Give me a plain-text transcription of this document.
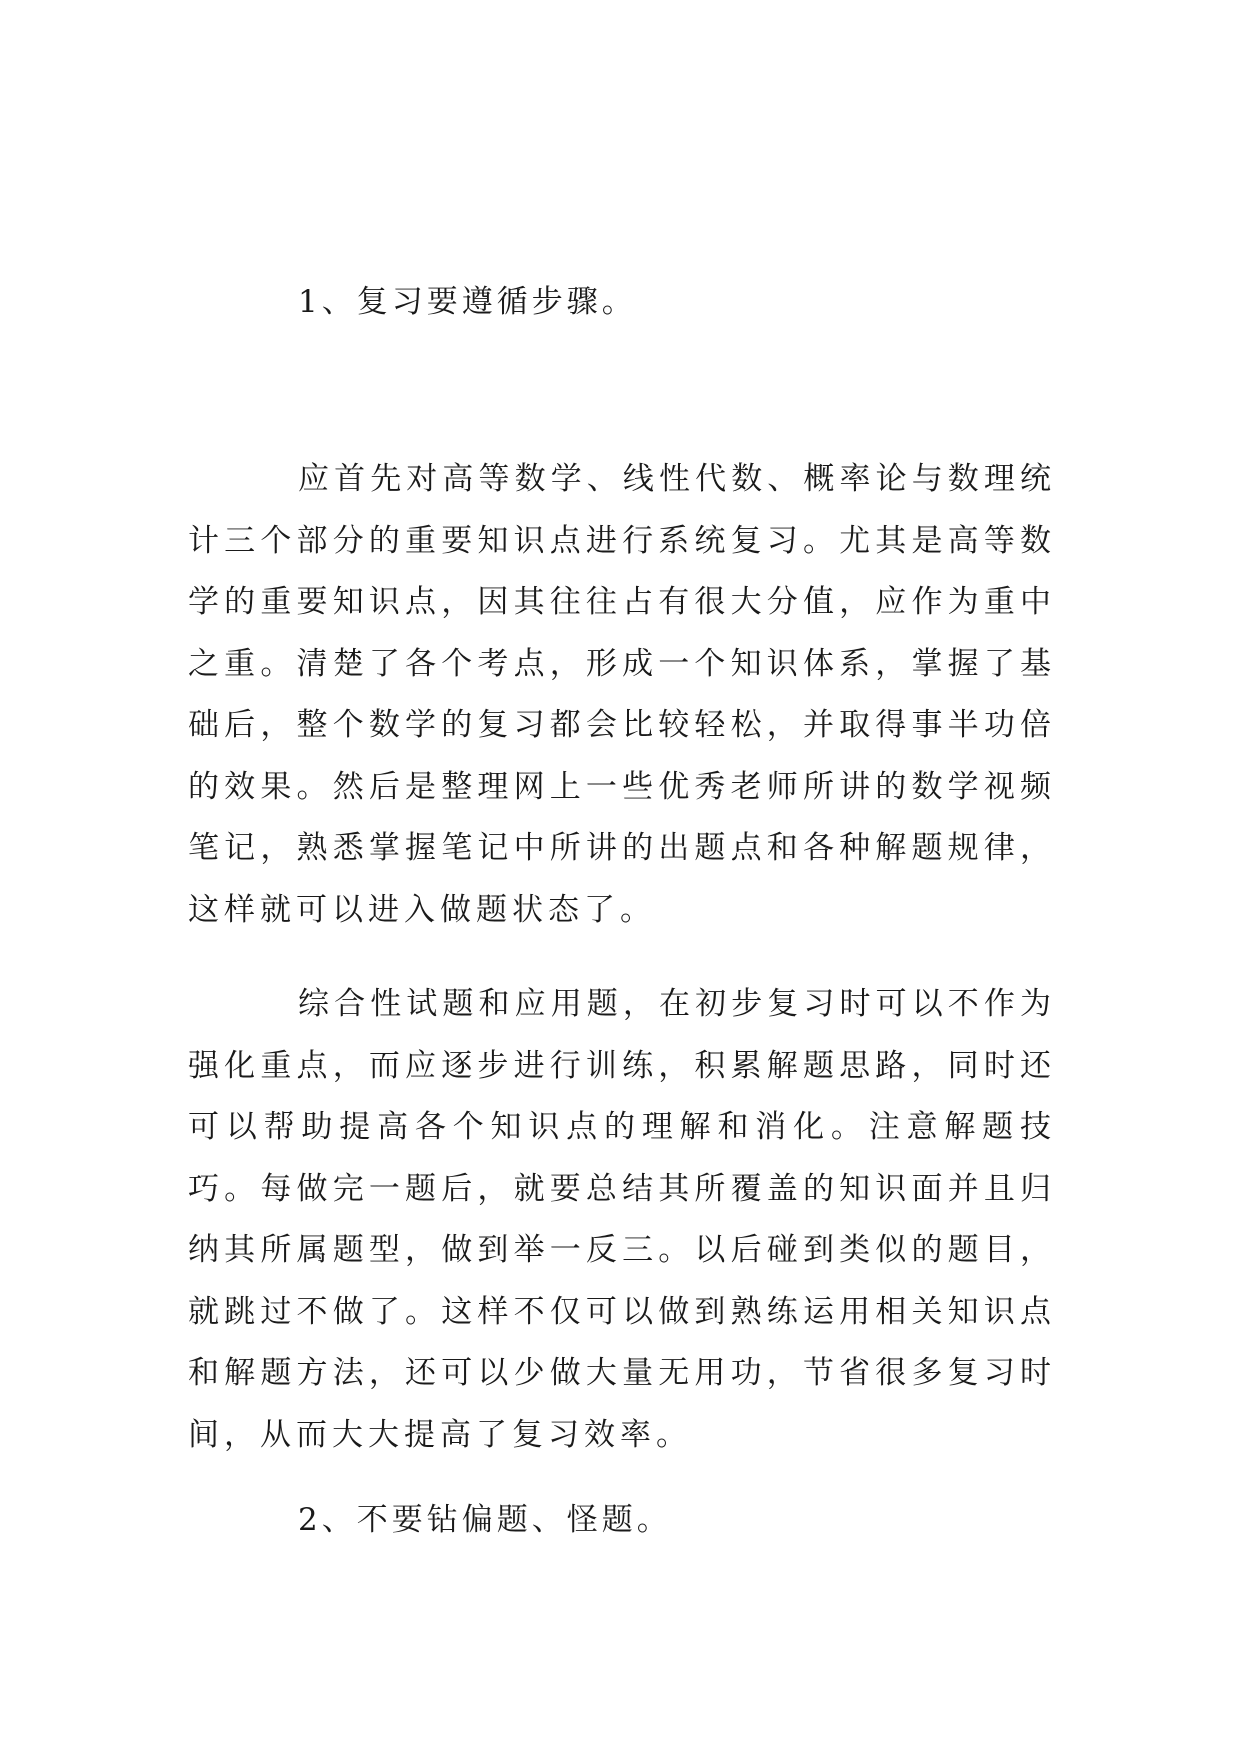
1、复习要遵循步骤。

应首先对高等数学、线性代数、概率论与数理统计三个部分的重要知识点进行系统复习。尤其是高等数学的重要知识点，因其往往占有很大分值，应作为重中之重。清楚了各个考点，形成一个知识体系，掌握了基础后，整个数学的复习都会比较轻松，并取得事半功倍的效果。然后是整理网上一些优秀老师所讲的数学视频笔记，熟悉掌握笔记中所讲的出题点和各种解题规律，这样就可以进入做题状态了。

综合性试题和应用题，在初步复习时可以不作为强化重点，而应逐步进行训练，积累解题思路，同时还可以帮助提高各个知识点的理解和消化。注意解题技巧。每做完一题后，就要总结其所覆盖的知识面并且归纳其所属题型，做到举一反三。以后碰到类似的题目，就跳过不做了。这样不仅可以做到熟练运用相关知识点和解题方法，还可以少做大量无用功，节省很多复习时间，从而大大提高了复习效率。

2、不要钻偏题、怪题。
